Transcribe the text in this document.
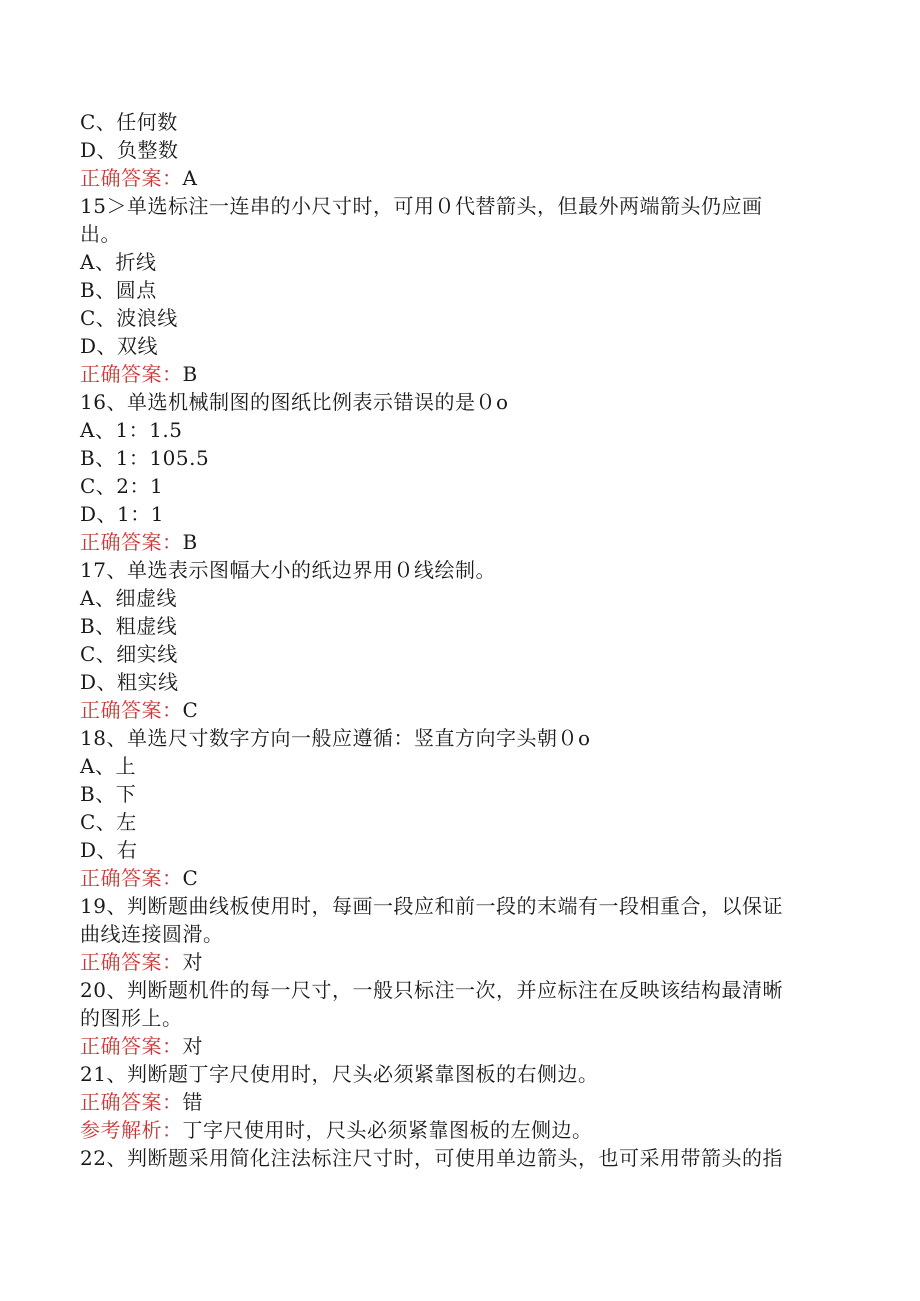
C、任何数
D、负整数
正确答案：A
15＞单选标注一连串的小尺寸时，可用０代替箭头，但最外两端箭头仍应画
出。
A、折线
B、圆点
C、波浪线
D、双线
正确答案：B
16、单选机械制图的图纸比例表示错误的是０o
A、1：1.5
B、1：105.5
C、2：1
D、1：1
正确答案：B
17、单选表示图幅大小的纸边界用０线绘制。
A、细虚线
B、粗虚线
C、细实线
D、粗实线
正确答案：C
18、单选尺寸数字方向一般应遵循：竖直方向字头朝０o
A、上
B、下
C、左
D、右
正确答案：C
19、判断题曲线板使用时，每画一段应和前一段的末端有一段相重合，以保证
曲线连接圆滑。
正确答案：对
20、判断题机件的每一尺寸，一般只标注一次，并应标注在反映该结构最清晰
的图形上。
正确答案：对
21、判断题丁字尺使用时，尺头必须紧靠图板的右侧边。
正确答案：错
参考解析：丁字尺使用时，尺头必须紧靠图板的左侧边。
22、判断题采用简化注法标注尺寸时，可使用单边箭头，也可采用带箭头的指
